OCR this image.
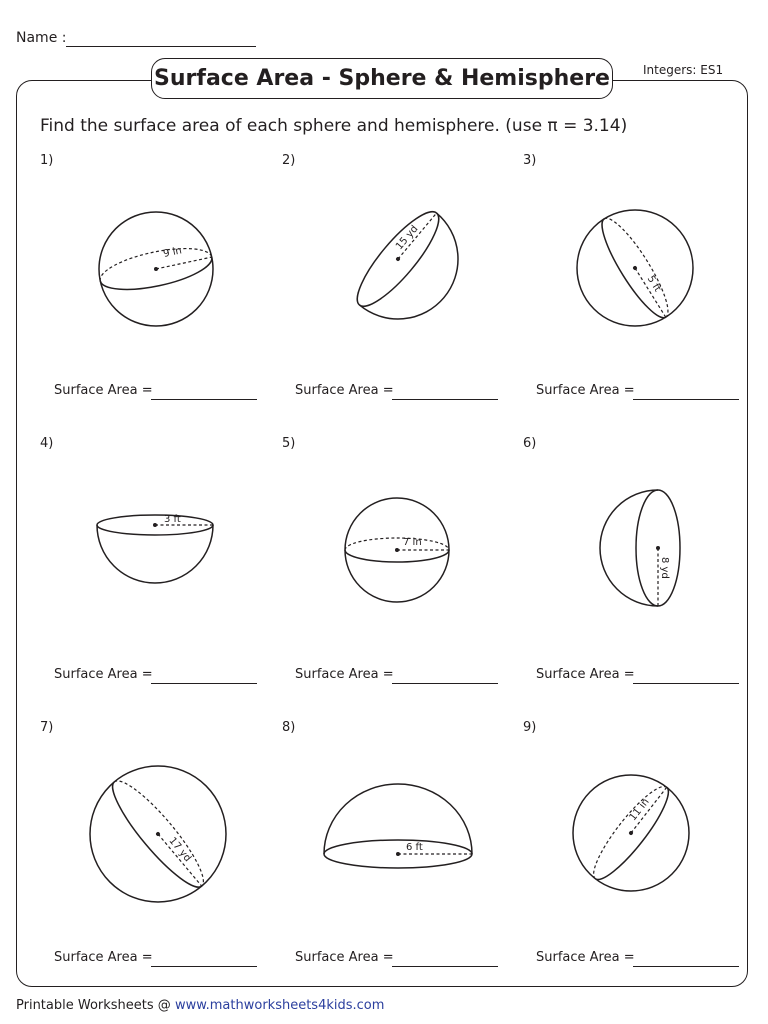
Name :
Surface Area - Sphere & Hemisphere	Integers: ES1
Find the surface area of each sphere and hemisphere. (use π = 3.14)
1)	2)	3)
4)	5)	6)
7)	8)	9)
9 in
15 yd
5 ft
3 ft
7 in
8 yd
17 yd	6 ft
11 in
Surface Area =	Surface Area =	Surface Area =
Surface Area =	Surface Area =	Surface Area =
Surface Area =	Surface Area =	Surface Area =
Printable Worksheets @ www.mathworksheets4kids.com
